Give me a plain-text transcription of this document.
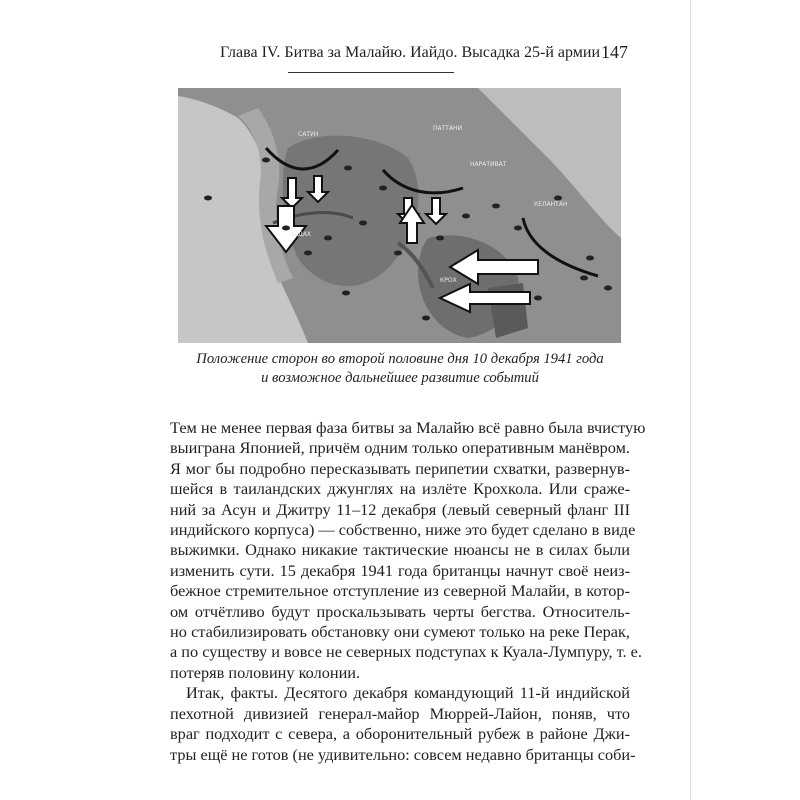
Глава IV. Битва за Малайю. Иайдо. Высадка 25-й армии 147
САТУН
ПАТТАНИ
НАРАТИВАТ
КЕДАХ
КЕЛАНТАН
КРОХ
Положение сторон во второй половине дня 10 декабря 1941 года
и возможное дальнейшее развитие событий
Тем не менее первая фаза битвы за Малайю всё равно была вчистую
выиграна Японией, причём одним только оперативным манёвром.
Я мог бы подробно пересказывать перипетии схватки, развернув-
шейся в таиландских джунглях на излёте Крохкола. Или сраже-
ний за Асун и Джитру 11–12 декабря (левый северный фланг III
индийского корпуса) — собственно, ниже это будет сделано в виде
выжимки. Однако никакие тактические нюансы не в силах были
изменить сути. 15 декабря 1941 года британцы начнут своё неиз-
бежное стремительное отступление из северной Малайи, в котор-
ом отчётливо будут проскальзывать черты бегства. Относитель-
но стабилизировать обстановку они сумеют только на реке Перак,
а по существу и вовсе не северных подступах к Куала-Лумпуру, т. е.
потеряв половину колонии.
Итак, факты. Десятого декабря командующий 11-й индийской
пехотной дивизией генерал-майор Мюррей-Лайон, поняв, что
враг подходит с севера, а оборонительный рубеж в районе Джи-
тры ещё не готов (не удивительно: совсем недавно британцы соби-
